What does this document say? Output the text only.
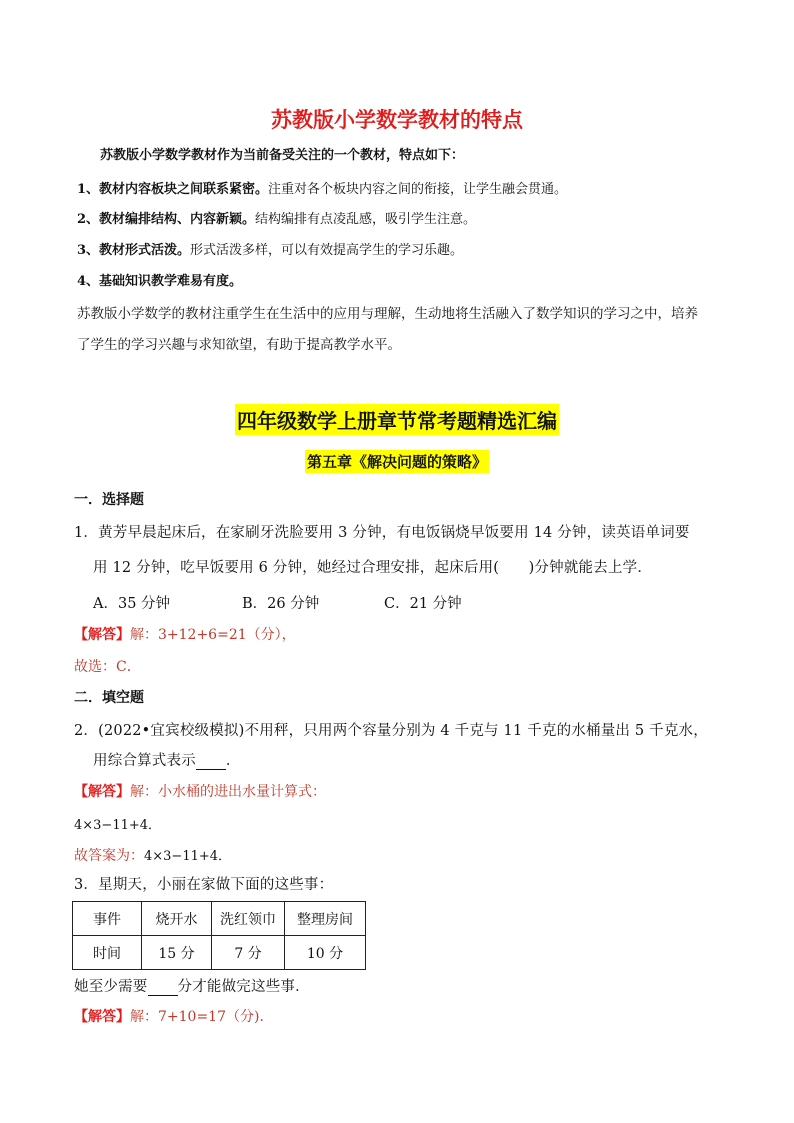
苏教版小学数学教材的特点
苏教版小学数学教材作为当前备受关注的一个教材，特点如下：
1、教材内容板块之间联系紧密。注重对各个板块内容之间的衔接，让学生融会贯通。
2、教材编排结构、内容新颖。结构编排有点凌乱感，吸引学生注意。
3、教材形式活泼。形式活泼多样，可以有效提高学生的学习乐趣。
4、基础知识教学难易有度。
苏教版小学数学的教材注重学生在生活中的应用与理解，生动地将生活融入了数学知识的学习之中，培养
了学生的学习兴趣与求知欲望，有助于提高教学水平。
四年级数学上册章节常考题精选汇编
第五章《解决问题的策略》
一．选择题
1．黄芳早晨起床后，在家刷牙洗脸要用 3 分钟，有电饭锅烧早饭要用 14 分钟，读英语单词要
用 12 分钟，吃早饭要用 6 分钟，她经过合理安排，起床后用(　　)分钟就能去上学．
A．35 分钟	B．26 分钟	C．21 分钟
【解答】解：3+12+6=21（分），
故选：C．
二．填空题
2．(2022•宜宾校级模拟)不用秤，只用两个容量分别为 4 千克与 11 千克的水桶量出 5 千克水，
用综合算式表示 ．
【解答】解：小水桶的进出水量计算式：
4×3−11+4．
故答案为：4×3−11+4．
3．星期天，小丽在家做下面的这些事：
事件	烧开水	洗红领巾	整理房间
时间	15 分	7 分	10 分
她至少需要 分才能做完这些事．
【解答】解：7+10=17（分)．
